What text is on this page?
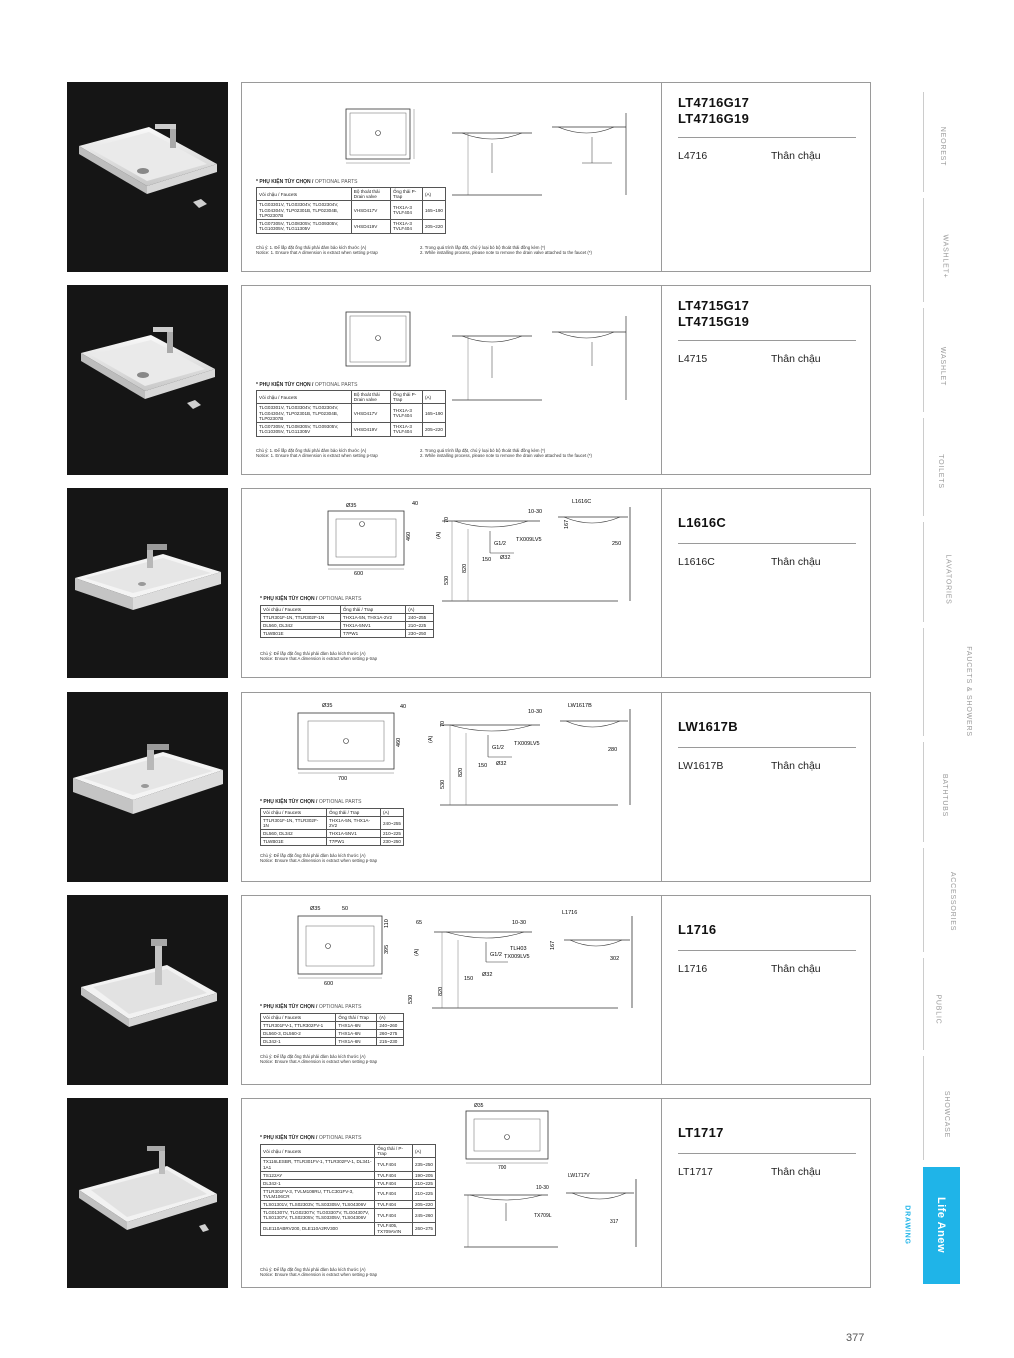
* PHỤ KIỆN TÙY CHỌN / OPTIONAL PARTS
Vòi chậu / Faucets	Bộ thoát thải Drain valve	Ống thải P-Trap	(A)
TLG03301V, TLG03304V, TLG02304V, TLG04304V, TLP02301B, TLP02304B, TLP02307B	VHSD417V	THX1A-3 TVLF404	165~190
TLG07305V, TLG08305V, TLG09305V, TLG10305V, TLG11305V	VHSD419V	THX1A-3 TVLF404	205~220
Chú ý: 1. Để lắp đặt ống thải phải đảm bảo kích thước (A)
Notice: 1. Ensure that A dimension is extract when setting p-trap
2. Trong quá trình lắp đặt, chú ý loại bỏ bộ thoát thải đồng kèm (*)
2. While installing process, please note to remove the drain valve attached to the faucet (*)
LT4716G17
LT4716G19
L4716	Thân chậu
* PHỤ KIỆN TÙY CHỌN / OPTIONAL PARTS
Vòi chậu / Faucets	Bộ thoát thải Drain valve	Ống thải P-Trap	(A)
TLG03301V, TLG03304V, TLG02304V, TLG04304V, TLP02301B, TLP02304B, TLP02307B	VHSD417V	THX1A-3 TVLF404	165~190
TLG07305V, TLG08305V, TLG09305V, TLG10305V, TLG11305V	VHSD419V	THX1A-3 TVLF404	205~220
Chú ý: 1. Để lắp đặt ống thải phải đảm bảo kích thước (A)
Notice: 1. Ensure that A dimension is extract when setting p-trap
2. Trong quá trình lắp đặt, chú ý loại bỏ bộ thoát thải đồng kèm (*)
2. While installing process, please note to remove the drain valve attached to the faucet (*)
LT4715G17
LT4715G19
L4715	Thân chậu
600
Ø35	40
460	(A)
530
820
70
10-30
G1/2
TX009LV5
Ø32
150
L1616C
250
167
* PHỤ KIỆN TÙY CHỌN / OPTIONAL PARTS
Vòi chậu / Faucets	Ống thải / Trap	(A)
TTLR301F-1N, TTLR302F-1N	THX1A-5N, THX1A-2V2	240~255
DL560, DL342	THX1A-5NV1	210~225
TLWB01E	T7PW1	230~250
Chú ý: Để lắp đặt ống thải phải đảm bảo kích thước (A)
Notice: Ensure that A dimension is extract when setting p-trap
L1616C
L1616C	Thân chậu
700
Ø35	40
460	(A)
530
820
70
10-30
G1/2
TX009LV5
Ø32
150
LW1617B
280
* PHỤ KIỆN TÙY CHỌN / OPTIONAL PARTS
Vòi chậu / Faucets	Ống thải / Trap	(A)
TTLR301F-1N, TTLR302F-1N	THX1A-5N, THX1A-2V2	240~255
DL560, DL342	THX1A-5NV1	210~225
TLWB01E	T7PW1	230~250
Chú ý: Để lắp đặt ống thải phải đảm bảo kích thước (A)
Notice: Ensure that A dimension is extract when setting p-trap
LW1617B
LW1617B	Thân chậu
600
Ø35	50
395
110
(A)
530
820
65	10-30
TLH03
G1/2 TX009LV5
Ø32
150
L1716
302
167
* PHỤ KIỆN TÙY CHỌN / OPTIONAL PARTS
Vòi chậu / Faucets	Ống thải / Trap	(A)
TTLR301FV-1, TTLR302FV-1	THX1A-6N	240~260
DL560-3, DL560-2	THX1A-6N	260~275
DL342-1	THX1A-6N	215~230
Chú ý: Để lắp đặt ống thải phải đảm bảo kích thước (A)
Notice: Ensure that A dimension is extract when setting p-trap
L1716
L1716	Thân chậu
700
Ø35
10-30
TX709L
LW1717V
317
* PHỤ KIỆN TÙY CHỌN / OPTIONAL PARTS
Vòi chậu / Faucets	Ống thải / P-Trap	(A)
TX116LESBR, TTLR301FV-1, TTLR302FV-1, DL341-1A1	TVLF404	235~250
TS122AY	TVLF404	190~205
DL342-1	TVLF404	210~225
TTLR301FV-3, TVLM108RU, TTLC301FV-3, TVLM106CR	TVLF404	210~225
TLS01301V, TLS02303V, TLS03305V, TLS04306V	TVLF404	205~220
TLG01307V, TLG02307V, TLG03307V, TLG04307V, TLS01307V, TLS02305V, TLS03305V, TLS04306V	TVLF404	245~260
DLE110ABRV200, DLE110A2RV300	TVLF405, TX709AVIN	260~275
Chú ý: Để lắp đặt ống thải phải đảm bảo kích thước (A)
Notice: Ensure that A dimension is extract when setting p-trap
LT1717
LT1717	Thân chậu
NEOREST
WASHLET+
WASHLET
TOILETS
LAVATORIES
FAUCETS & SHOWERS
BATHTUBS
ACCESSORIES
PUBLIC
SHOWCASE
DRAWING Life Anew
377
